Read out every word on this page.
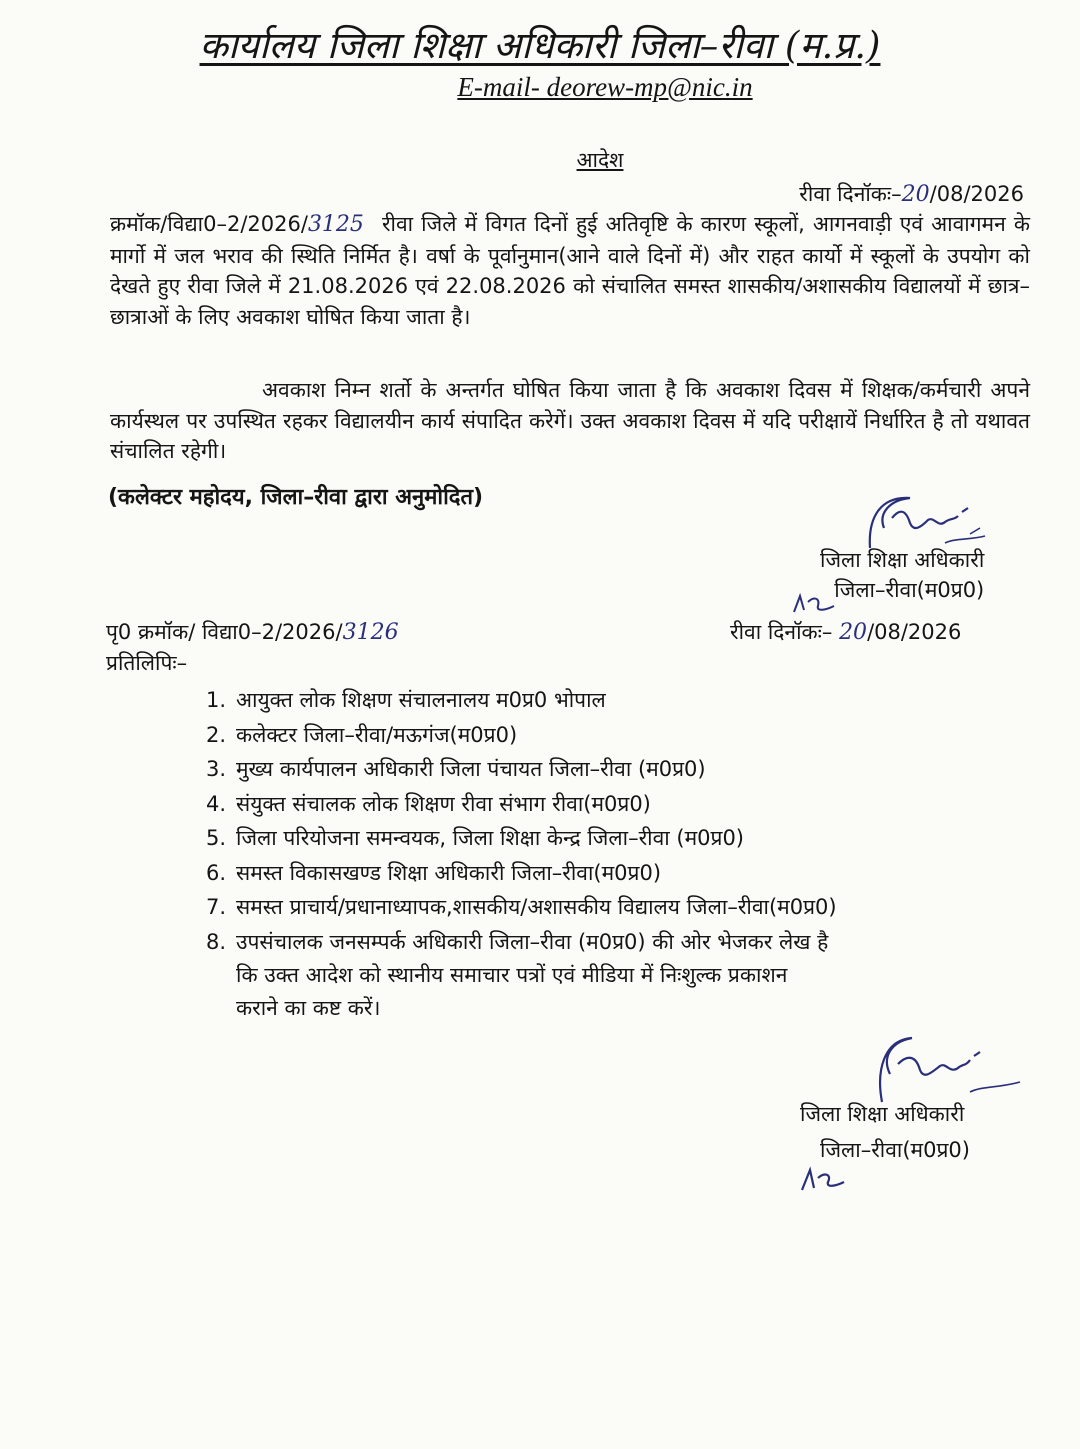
कार्यालय जिला शिक्षा अधिकारी जिला–रीवा (म.प्र.)
E-mail- deorew-mp@nic.in
आदेश
रीवा दिनॉकः–20/08/2026
क्रमॉक/विद्या0–2/2026/3125 रीवा जिले में विगत दिनों हुई अतिवृष्टि के कारण स्कूलों, आगनवाड़ी एवं आवागमन के मार्गो में जल भराव की स्थिति निर्मित है। वर्षा के पूर्वानुमान(आने वाले दिनों में) और राहत कार्यो में स्कूलों के उपयोग को देखते हुए रीवा जिले में 21.08.2026 एवं 22.08.2026 को संचालित समस्त शासकीय/अशासकीय विद्यालयों में छात्र–छात्राओं के लिए अवकाश घोषित किया जाता है।
अवकाश निम्न शर्तो के अन्तर्गत घोषित किया जाता है कि अवकाश दिवस में शिक्षक/कर्मचारी अपने कार्यस्थल पर उपस्थित रहकर विद्यालयीन कार्य संपादित करेगें। उक्त अवकाश दिवस में यदि परीक्षायें निर्धारित है तो यथावत संचालित रहेगी।
(कलेक्टर महोदय, जिला–रीवा द्वारा अनुमोदित)
जिला शिक्षा अधिकारी
जिला–रीवा(म0प्र0)
पृ0 क्रमॉक/ विद्या0–2/2026/3126	रीवा दिनॉकः– 20/08/2026
प्रतिलिपिः–
1. आयुक्त लोक शिक्षण संचालनालय म0प्र0 भोपाल
2. कलेक्टर जिला–रीवा/मऊगंज(म0प्र0)
3. मुख्य कार्यपालन अधिकारी जिला पंचायत जिला–रीवा (म0प्र0)
4. संयुक्त संचालक लोक शिक्षण रीवा संभाग रीवा(म0प्र0)
5. जिला परियोजना समन्वयक, जिला शिक्षा केन्द्र जिला–रीवा (म0प्र0)
6. समस्त विकासखण्ड शिक्षा अधिकारी जिला–रीवा(म0प्र0)
7. समस्त प्राचार्य/प्रधानाध्यापक,शासकीय/अशासकीय विद्यालय जिला–रीवा(म0प्र0)
8. उपसंचालक जनसम्पर्क अधिकारी जिला–रीवा (म0प्र0) की ओर भेजकर लेख है
कि उक्त आदेश को स्थानीय समाचार पत्रों एवं मीडिया में निःशुल्क प्रकाशन
कराने का कष्ट करें।
जिला शिक्षा अधिकारी
जिला–रीवा(म0प्र0)
